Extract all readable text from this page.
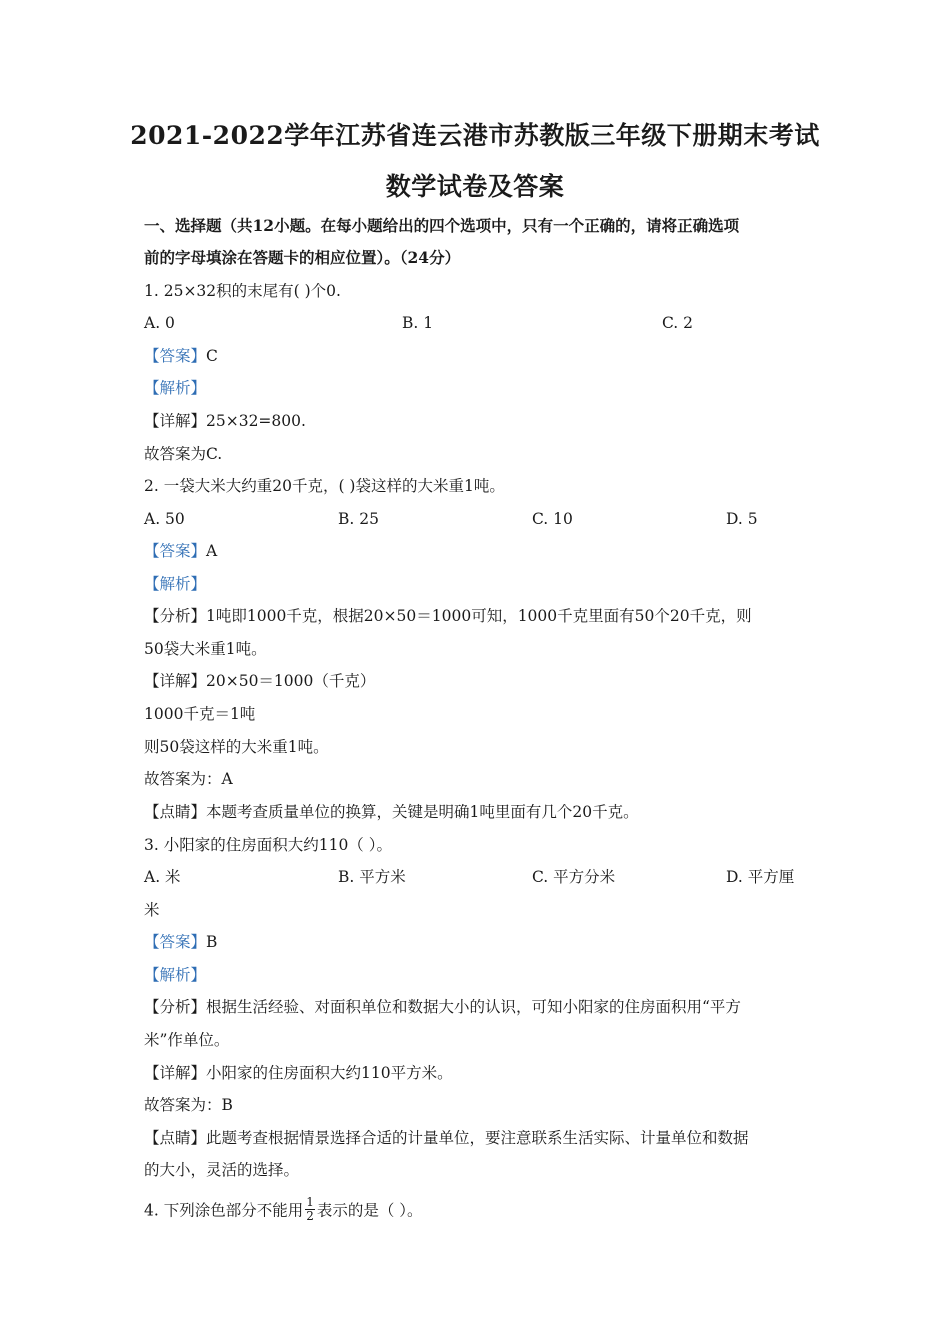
2021-2022学年江苏省连云港市苏教版三年级下册期末考试
数学试卷及答案
一、选择题（共12小题。在每小题给出的四个选项中，只有一个正确的，请将正确选项
前的字母填涂在答题卡的相应位置）。（24分）
1. 25×32积的末尾有( )个0.
A. 0	B. 1	C. 2
【答案】C
【解析】
【详解】25×32=800.
故答案为C.
2. 一袋大米大约重20千克，( )袋这样的大米重1吨。
A. 50	B. 25	C. 10	D. 5
【答案】A
【解析】
【分析】1吨即1000千克，根据20×50＝1000可知，1000千克里面有50个20千克，则
50袋大米重1吨。
【详解】20×50＝1000（千克）
1000千克＝1吨
则50袋这样的大米重1吨。
故答案为：A
【点睛】本题考查质量单位的换算，关键是明确1吨里面有几个20千克。
3. 小阳家的住房面积大约110（ ）。
A. 米	B. 平方米	C. 平方分米	D. 平方厘
米
【答案】B
【解析】
【分析】根据生活经验、对面积单位和数据大小的认识，可知小阳家的住房面积用“平方
米”作单位。
【详解】小阳家的住房面积大约110平方米。
故答案为：B
【点睛】此题考查根据情景选择合适的计量单位，要注意联系生活实际、计量单位和数据
的大小，灵活的选择。
4. 下列涂色部分不能用 $\frac{1}{2}$ 表示的是（ ）。
